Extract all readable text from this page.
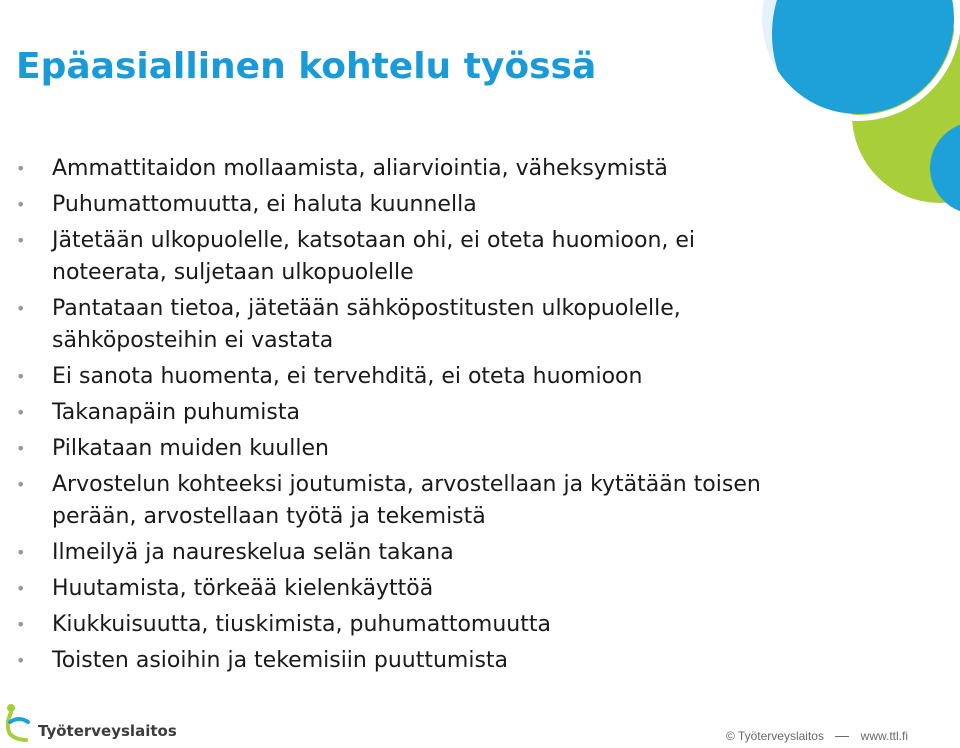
Epäasiallinen kohtelu työssä
• Ammattitaidon mollaamista, aliarviointia, väheksymistä
• Puhumattomuutta, ei haluta kuunnella
• Jätetään ulkopuolelle, katsotaan ohi, ei oteta huomioon, ei
noteerata, suljetaan ulkopuolelle
• Pantataan tietoa, jätetään sähköpostitusten ulkopuolelle,
sähköposteihin ei vastata
• Ei sanota huomenta, ei tervehditä, ei oteta huomioon
• Takanapäin puhumista
• Pilkataan muiden kuullen
• Arvostelun kohteeksi joutumista, arvostellaan ja kytätään toisen
perään, arvostellaan työtä ja tekemistä
• Ilmeilyä ja naureskelua selän takana
• Huutamista, törkeää kielenkäyttöä
• Kiukkuisuutta, tiuskimista, puhumattomuutta
• Toisten asioihin ja tekemisiin puuttumista
Työterveyslaitos	© Työterveyslaitos	www.ttl.fi
